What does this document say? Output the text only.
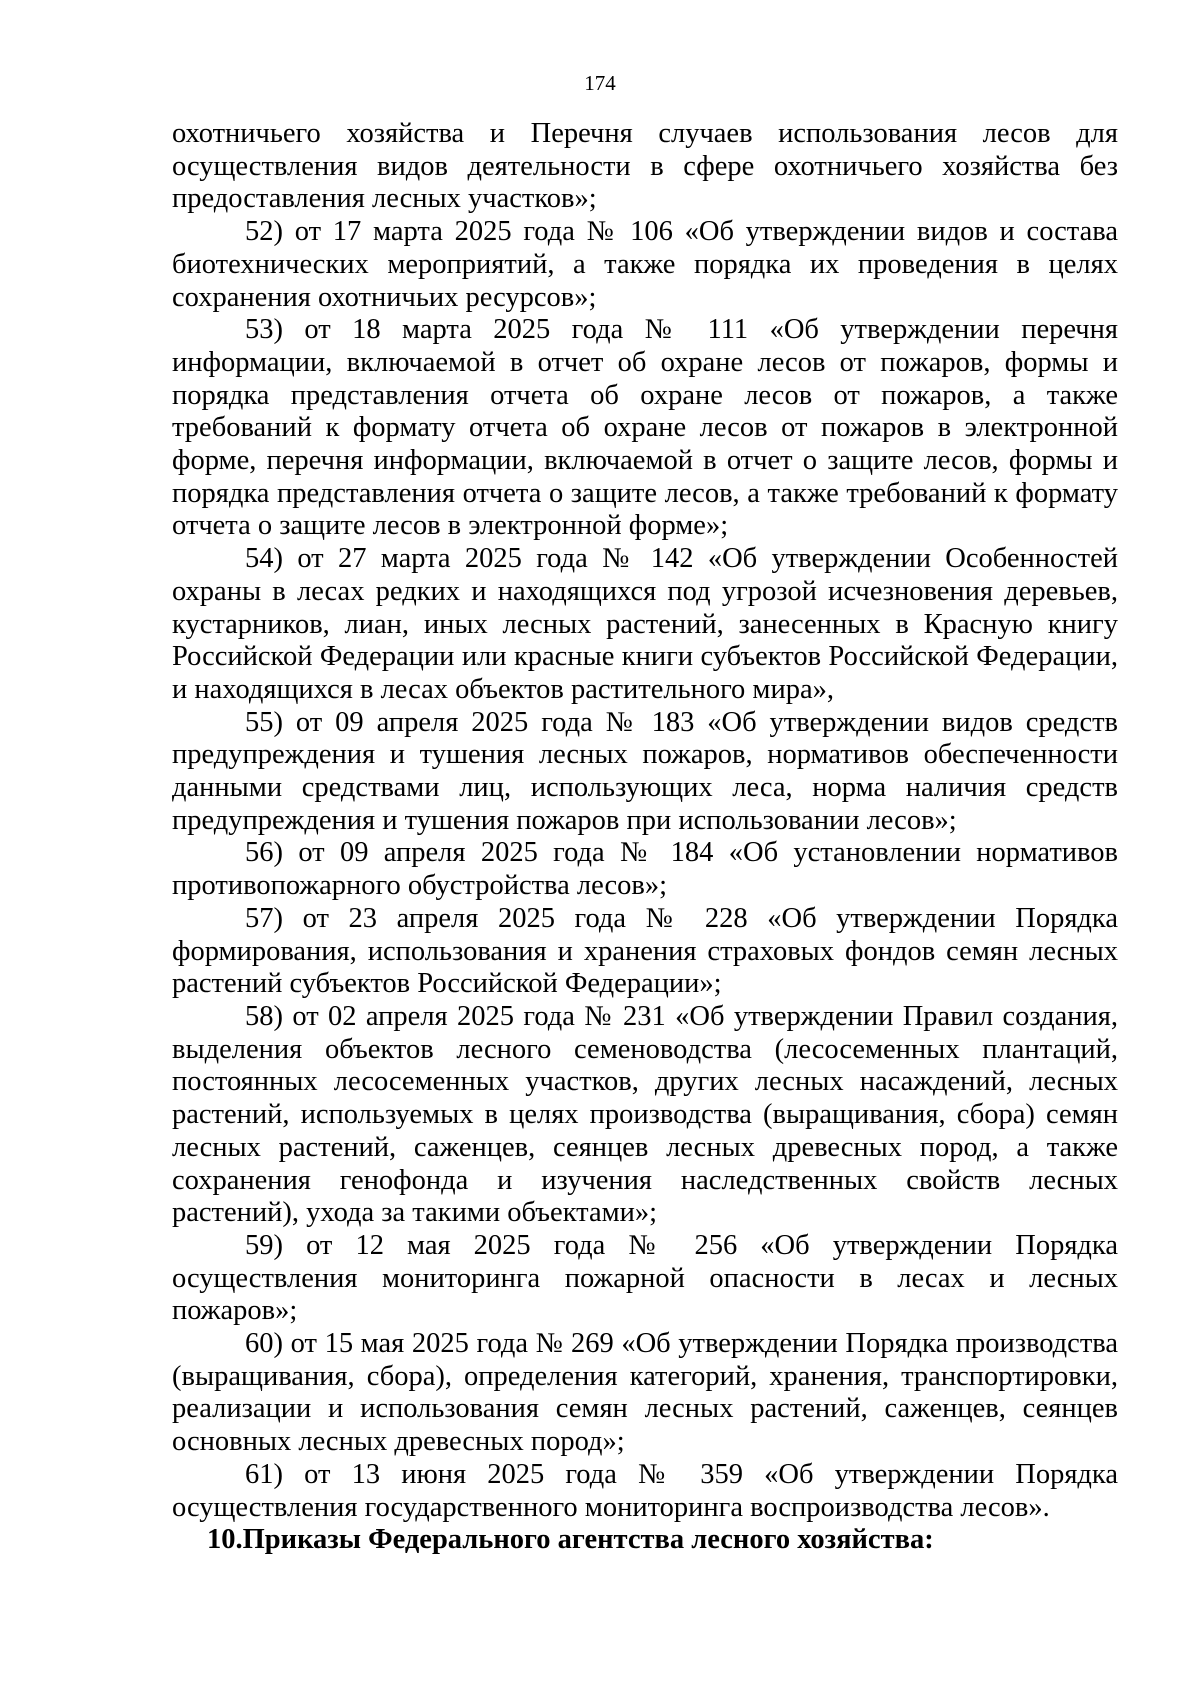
174

охотничьего хозяйства и Перечня случаев использования лесов для осуществления видов деятельности в сфере охотничьего хозяйства без предоставления лесных участков»;

52) от 17 марта 2025 года № 106 «Об утверждении видов и состава биотехнических мероприятий, а также порядка их проведения в целях сохранения охотничьих ресурсов»;

53) от 18 марта 2025 года № 111 «Об утверждении перечня информации, включаемой в отчет об охране лесов от пожаров, формы и порядка представления отчета об охране лесов от пожаров, а также требований к формату отчета об охране лесов от пожаров в электронной форме, перечня информации, включаемой в отчет о защите лесов, формы и порядка представления отчета о защите лесов, а также требований к формату отчета о защите лесов в электронной форме»;

54) от 27 марта 2025 года № 142 «Об утверждении Особенностей охраны в лесах редких и находящихся под угрозой исчезновения деревьев, кустарников, лиан, иных лесных растений, занесенных в Красную книгу Российской Федерации или красные книги субъектов Российской Федерации, и находящихся в лесах объектов растительного мира»,

55) от 09 апреля 2025 года № 183 «Об утверждении видов средств предупреждения и тушения лесных пожаров, нормативов обеспеченности данными средствами лиц, использующих леса, норма наличия средств предупреждения и тушения пожаров при использовании лесов»;

56) от 09 апреля 2025 года № 184 «Об установлении нормативов противопожарного обустройства лесов»;

57) от 23 апреля 2025 года № 228 «Об утверждении Порядка формирования, использования и хранения страховых фондов семян лесных растений субъектов Российской Федерации»;

58) от 02 апреля 2025 года № 231 «Об утверждении Правил создания, выделения объектов лесного семеноводства (лесосеменных плантаций, постоянных лесосеменных участков, других лесных насаждений, лесных растений, используемых в целях производства (выращивания, сбора) семян лесных растений, саженцев, сеянцев лесных древесных пород, а также сохранения генофонда и изучения наследственных свойств лесных растений), ухода за такими объектами»;

59) от 12 мая 2025 года № 256 «Об утверждении Порядка осуществления мониторинга пожарной опасности в лесах и лесных пожаров»;

60) от 15 мая 2025 года № 269 «Об утверждении Порядка производства (выращивания, сбора), определения категорий, хранения, транспортировки, реализации и использования семян лесных растений, саженцев, сеянцев основных лесных древесных пород»;

61) от 13 июня 2025 года № 359 «Об утверждении Порядка осуществления государственного мониторинга воспроизводства лесов».

10.Приказы Федерального агентства лесного хозяйства:
